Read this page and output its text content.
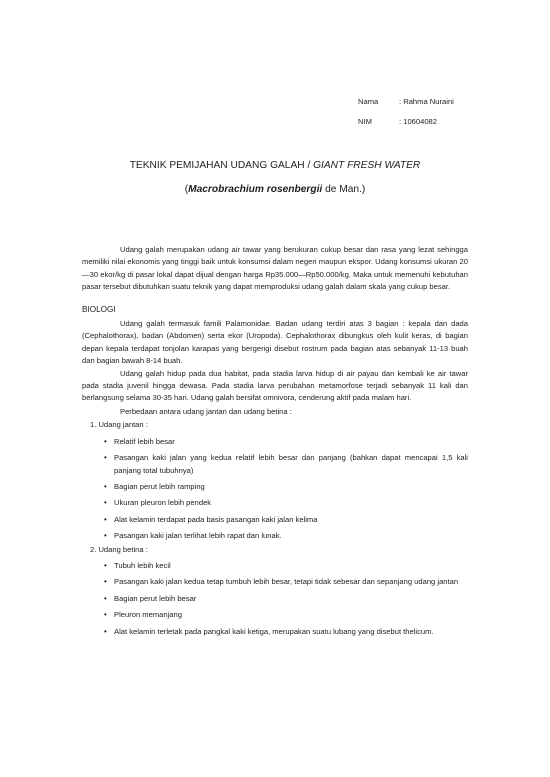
Nama	: Rahma Nuraini
NIM	: 10604082
TEKNIK PEMIJAHAN UDANG GALAH / GIANT FRESH WATER
(Macrobrachium rosenbergii de Man.)

Udang galah merupakan udang air tawar yang berukuran cukup besar dan rasa yang lezat sehingga memiliki nilai ekonomis yang tinggi baik untuk konsumsi dalam negeri maupun ekspor. Udang konsumsi ukuran 20—30 ekor/kg di pasar lokal dapat dijual dengan harga Rp35.000—Rp50.000/kg. Maka untuk memenuhi kebutuhan pasar tersebut dibutuhkan suatu teknik yang dapat memproduksi udang galah dalam skala yang cukup besar.

BIOLOGI

Udang galah termasuk famili Palamonidae. Badan udang terdiri atas 3 bagian : kepala dan dada (Cephalothorax), badan (Abdomen) serta ekor (Uropoda). Cephalothorax dibungkus oleh kulit keras, di bagian depan kepala terdapat tonjolan karapas yang bergerigi disebut rostrum pada bagian atas sebanyak 11-13 buah dan bagian bawah 8-14 buah.

Udang galah hidup pada dua habitat, pada stadia larva hidup di air payau dan kembali ke air tawar pada stadia juvenil hingga dewasa. Pada stadia larva perubahan metamorfose terjadi sebanyak 11 kali dan berlangsung selama 30-35 hari. Udang galah bersifat omnivora, cenderung aktif pada malam hari.

Perbedaan antara udang jantan dan udang betina :

1. Udang jantan :

• Relatif lebih besar
• Pasangan kaki jalan yang kedua relatif lebih besar dan panjang (bahkan dapat mencapai 1,5 kali panjang total tubuhnya)
• Bagian perut lebih ramping
• Ukuran pleuron lebih pendek
• Alat kelamin terdapat pada basis pasangan kaki jalan kelima
• Pasangan kaki jalan terlihat lebih rapat dan lunak.

2. Udang betina :

• Tubuh lebih kecil
• Pasangan kaki jalan kedua tetap tumbuh lebih besar, tetapi tidak sebesar dan sepanjang udang jantan
• Bagian perut lebih besar
• Pleuron memanjang
• Alat kelamin terletak pada pangkal kaki ketiga, merupakan suatu lubang yang disebut thelicum.
